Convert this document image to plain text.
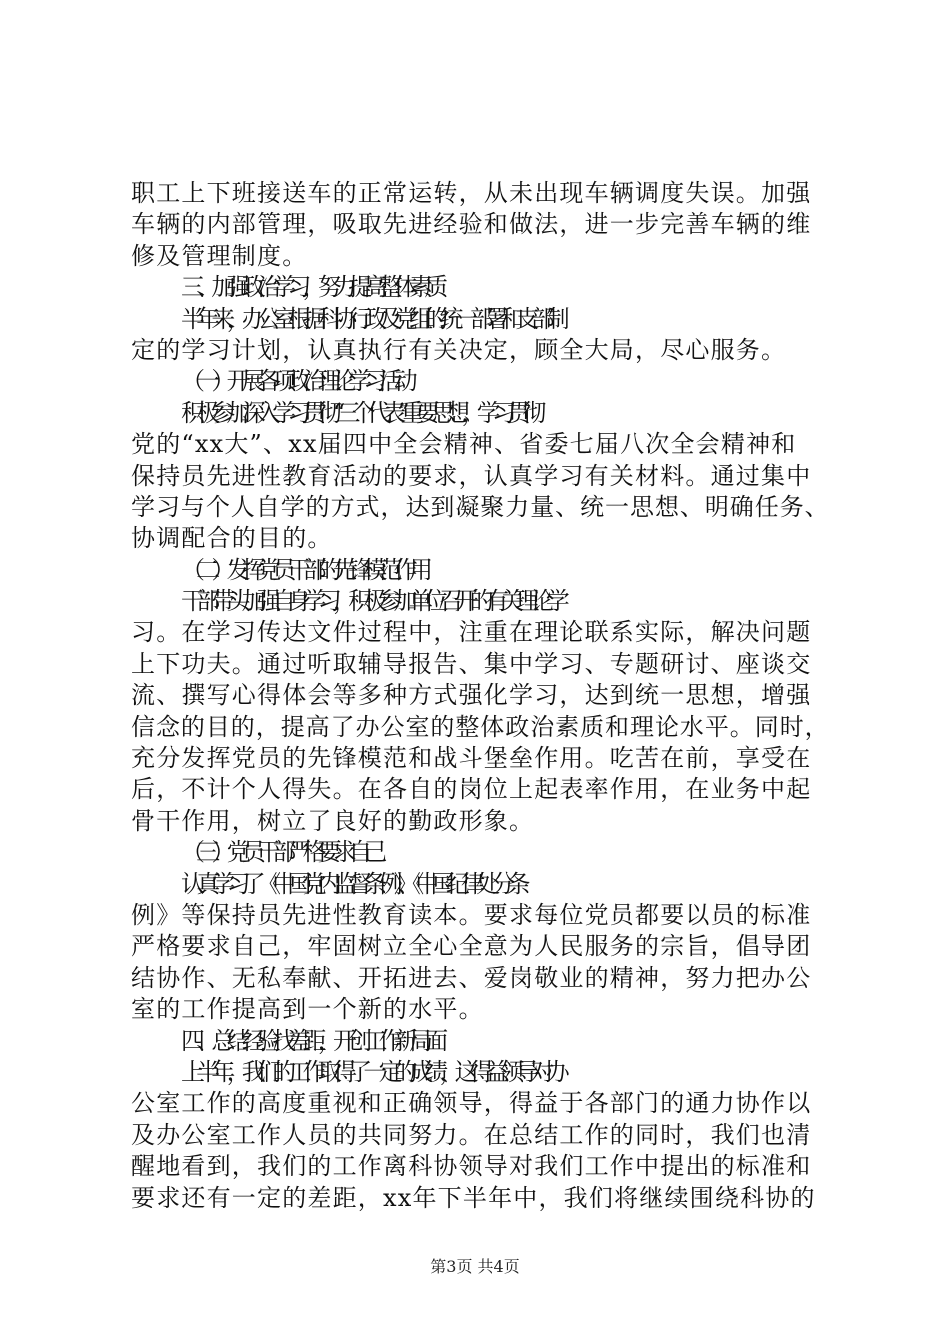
职工上下班接送车的正常运转，从未出现车辆调度失误。加强
车辆的内部管理，吸取先进经验和做法，进一步完善车辆的维
修及管理制度。
三、加强政治学习，努力提高整体素质
半年来，办公室根据科协行政及党组的统一部署和支部制
定的学习计划，认真执行有关决定，顾全大局，尽心服务。
（一）开展各项政治理论学习活动
积极参加深入学习贯彻“三个代表”重要思想，学习贯彻
党的“xx大”、xx届四中全会精神、省委七届八次全会精神和
保持员先进性教育活动的要求，认真学习有关材料。通过集中
学习与个人自学的方式，达到凝聚力量、统一思想、明确任务、
协调配合的目的。
（二）发挥党员干部的先锋模范作用
干部带头加强自身学习，积极参加单位召开的有关理论学
习。在学习传达文件过程中，注重在理论联系实际，解决问题
上下功夫。通过听取辅导报告、集中学习、专题研讨、座谈交
流、撰写心得体会等多种方式强化学习，达到统一思想，增强
信念的目的，提高了办公室的整体政治素质和理论水平。同时，
充分发挥党员的先锋模范和战斗堡垒作用。吃苦在前，享受在
后，不计个人得失。在各自的岗位上起表率作用，在业务中起
骨干作用，树立了良好的勤政形象。
（三）党员干部严格要求自己
认真学习了《中国党内监督条例》、《中国纪律处分条
例》等保持员先进性教育读本。要求每位党员都要以员的标准
严格要求自己，牢固树立全心全意为人民服务的宗旨，倡导团
结协作、无私奉献、开拓进去、爱岗敬业的精神，努力把办公
室的工作提高到一个新的水平。
四、总结经验找差距，开创工作新局面
上半年，我们的工作取得了一定的成绩，这得益领导对办
公室工作的高度重视和正确领导，得益于各部门的通力协作以
及办公室工作人员的共同努力。在总结工作的同时，我们也清
醒地看到，我们的工作离科协领导对我们工作中提出的标准和
要求还有一定的差距，xx年下半年中，我们将继续围绕科协的
第3页 共4页
